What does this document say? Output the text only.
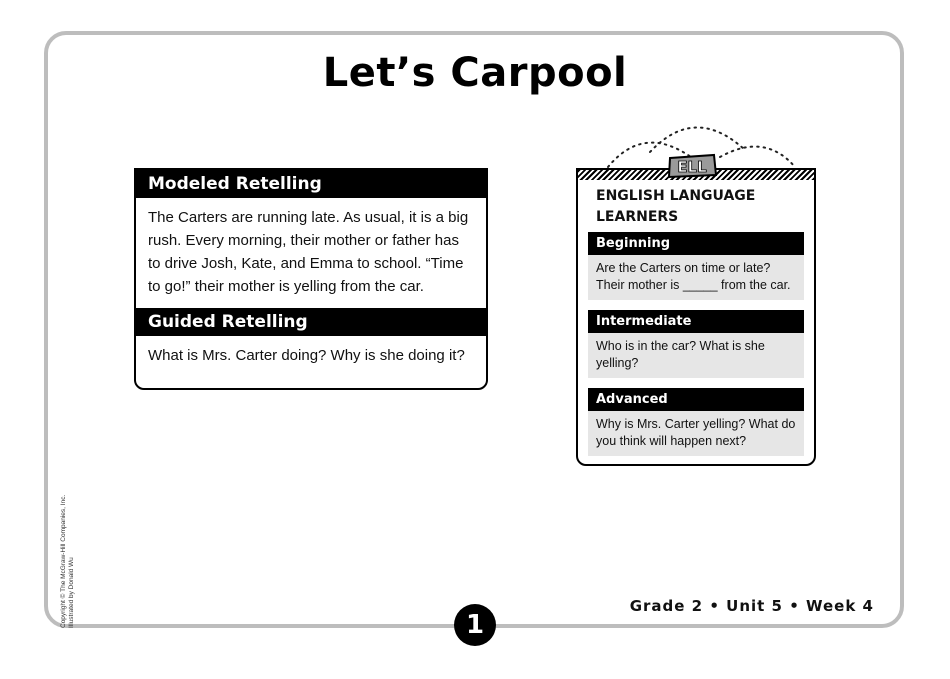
Let’s Carpool
Modeled Retelling
The Carters are running late. As usual, it is a big
rush. Every morning, their mother or father has
to drive Josh, Kate, and Emma to school. “Time
to go!” their mother is yelling from the car.
Guided Retelling
What is Mrs. Carter doing? Why is she doing it?
ENGLISH LANGUAGE
LEARNERS
Beginning
Are the Carters on time or late?
Their mother is _____ from the car.
Intermediate
Who is in the car? What is she
yelling?
Advanced
Why is Mrs. Carter yelling? What do
you think will happen next?
ELL
Copyright © The McGraw-Hill Companies, Inc. Illustrated by Donald Wu	Grade 2 • Unit 5 • Week 4
1
